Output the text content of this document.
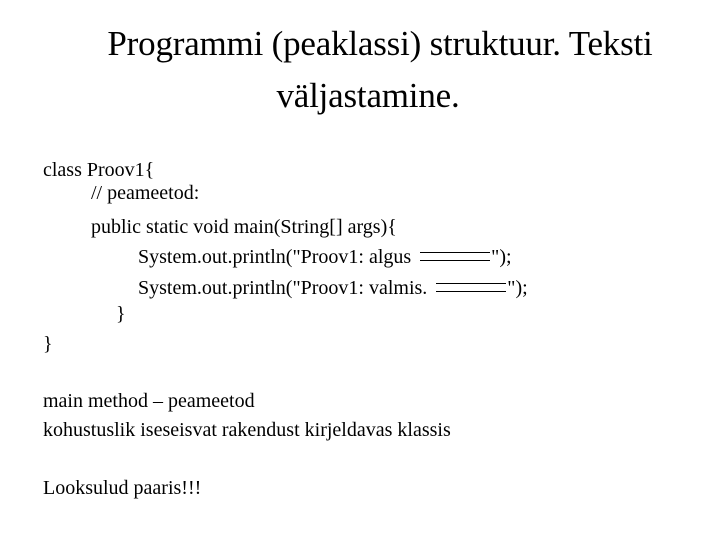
Programmi (peaklassi) struktuur. Teksti
väljastamine.
class Proov1{
// peameetod:
public static void main(String[] args){
System.out.println("Proov1: algus	");
System.out.println("Proov1: valmis.	");
}
}
main method – peameetod
kohustuslik iseseisvat rakendust kirjeldavas klassis
Looksulud paaris!!!
